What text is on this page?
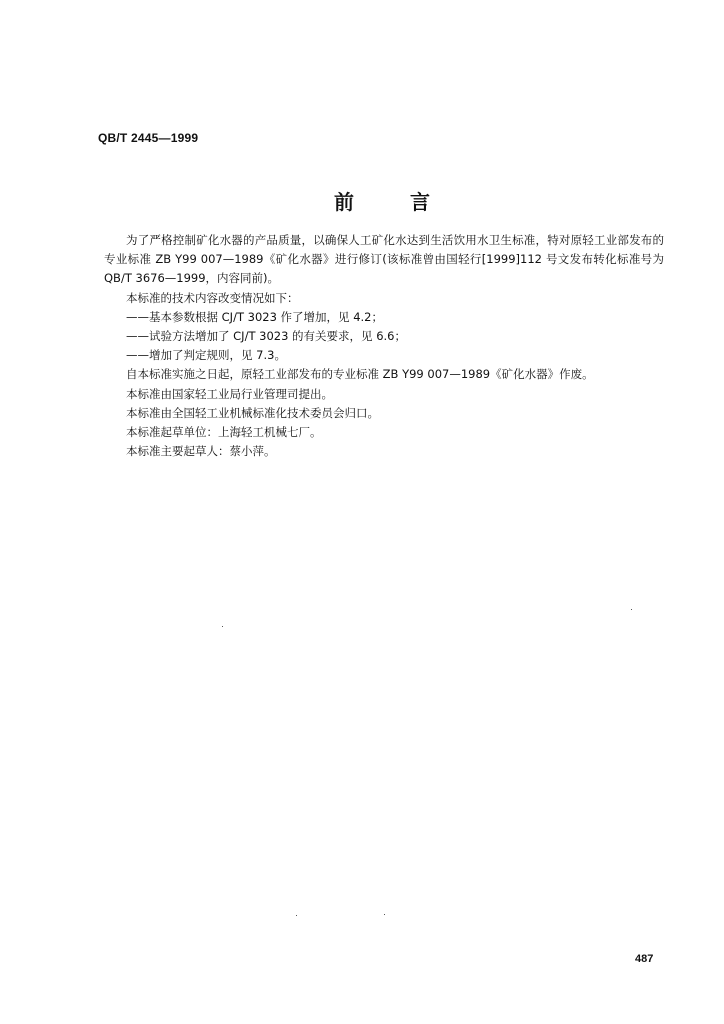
QB/T 2445—1999
前	言

为了严格控制矿化水器的产品质量，以确保人工矿化水达到生活饮用水卫生标准，特对原轻工业部发布的专业标准 ZB Y99 007—1989《矿化水器》进行修订(该标准曾由国轻行[1999]112 号文发布转化标准号为 QB/T 3676—1999，内容同前)。

本标准的技术内容改变情况如下：

——基本参数根据 CJ/T 3023 作了增加，见 4.2；

——试验方法增加了 CJ/T 3023 的有关要求，见 6.6；

——增加了判定规则，见 7.3。

自本标准实施之日起，原轻工业部发布的专业标准 ZB Y99 007—1989《矿化水器》作废。

本标准由国家轻工业局行业管理司提出。

本标准由全国轻工业机械标准化技术委员会归口。

本标准起草单位：上海轻工机械七厂。

本标准主要起草人：蔡小萍。

487
